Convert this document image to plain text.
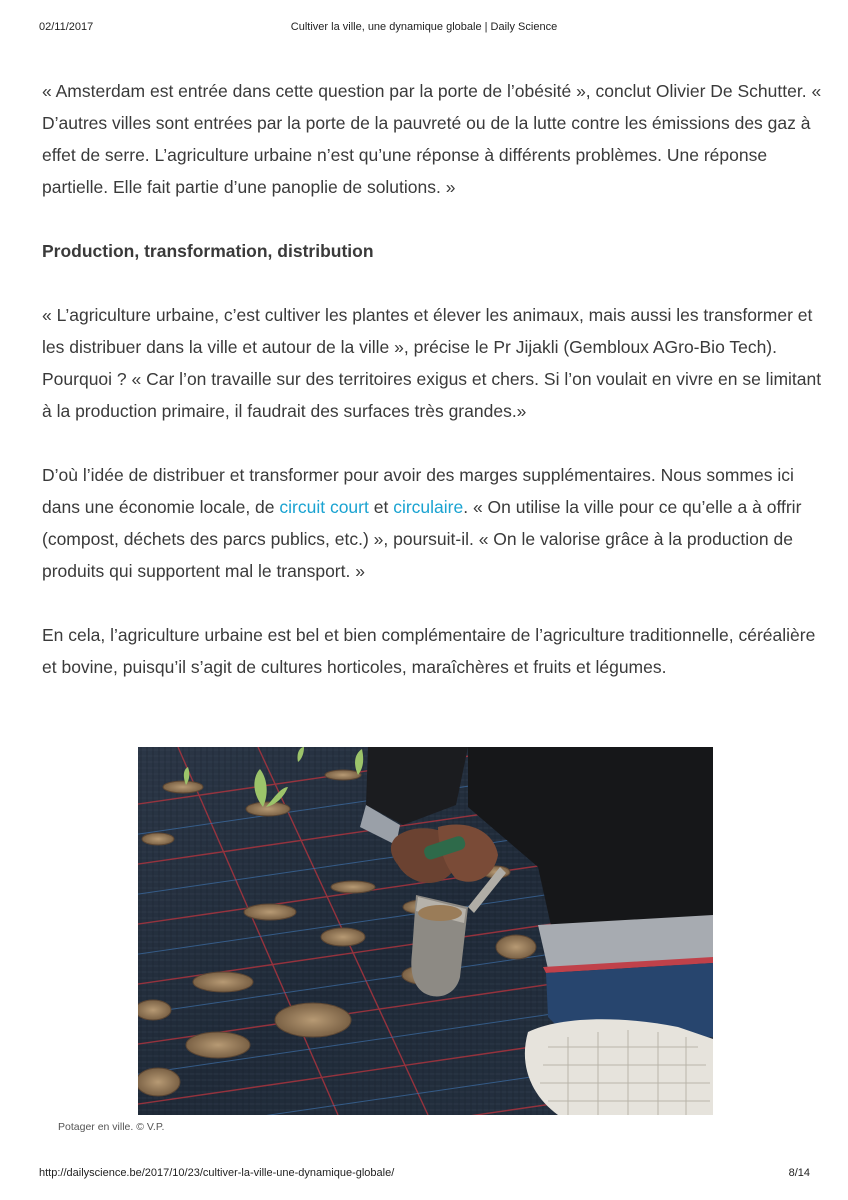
02/11/2017	Cultiver la ville, une dynamique globale | Daily Science

« Amsterdam est entrée dans cette question par la porte de l’obésité », conclut Olivier De Schutter. « D’autres villes sont entrées par la porte de la pauvreté ou de la lutte contre les émissions des gaz à effet de serre. L’agriculture urbaine n’est qu’une réponse à différents problèmes. Une réponse partielle. Elle fait partie d’une panoplie de solutions. »

Production, transformation, distribution

« L’agriculture urbaine, c’est cultiver les plantes et élever les animaux, mais aussi les transformer et les distribuer dans la ville et autour de la ville », précise le Pr Jijakli (Gembloux AGro-Bio Tech). Pourquoi ? « Car l’on travaille sur des territoires exigus et chers. Si l’on voulait en vivre en se limitant à la production primaire, il faudrait des surfaces très grandes.»

D’où l’idée de distribuer et transformer pour avoir des marges supplémentaires. Nous sommes ici dans une économie locale, de circuit court et circulaire. « On utilise la ville pour ce qu’elle a à offrir (compost, déchets des parcs publics, etc.) », poursuit-il. « On le valorise grâce à la production de produits qui supportent mal le transport. »

En cela, l’agriculture urbaine est bel et bien complémentaire de l’agriculture traditionnelle, céréalière et bovine, puisqu’il s’agit de cultures horticoles, maraîchères et fruits et légumes.

Potager en ville. © V.P.
http://dailyscience.be/2017/10/23/cultiver-la-ville-une-dynamique-globale/	8/14
